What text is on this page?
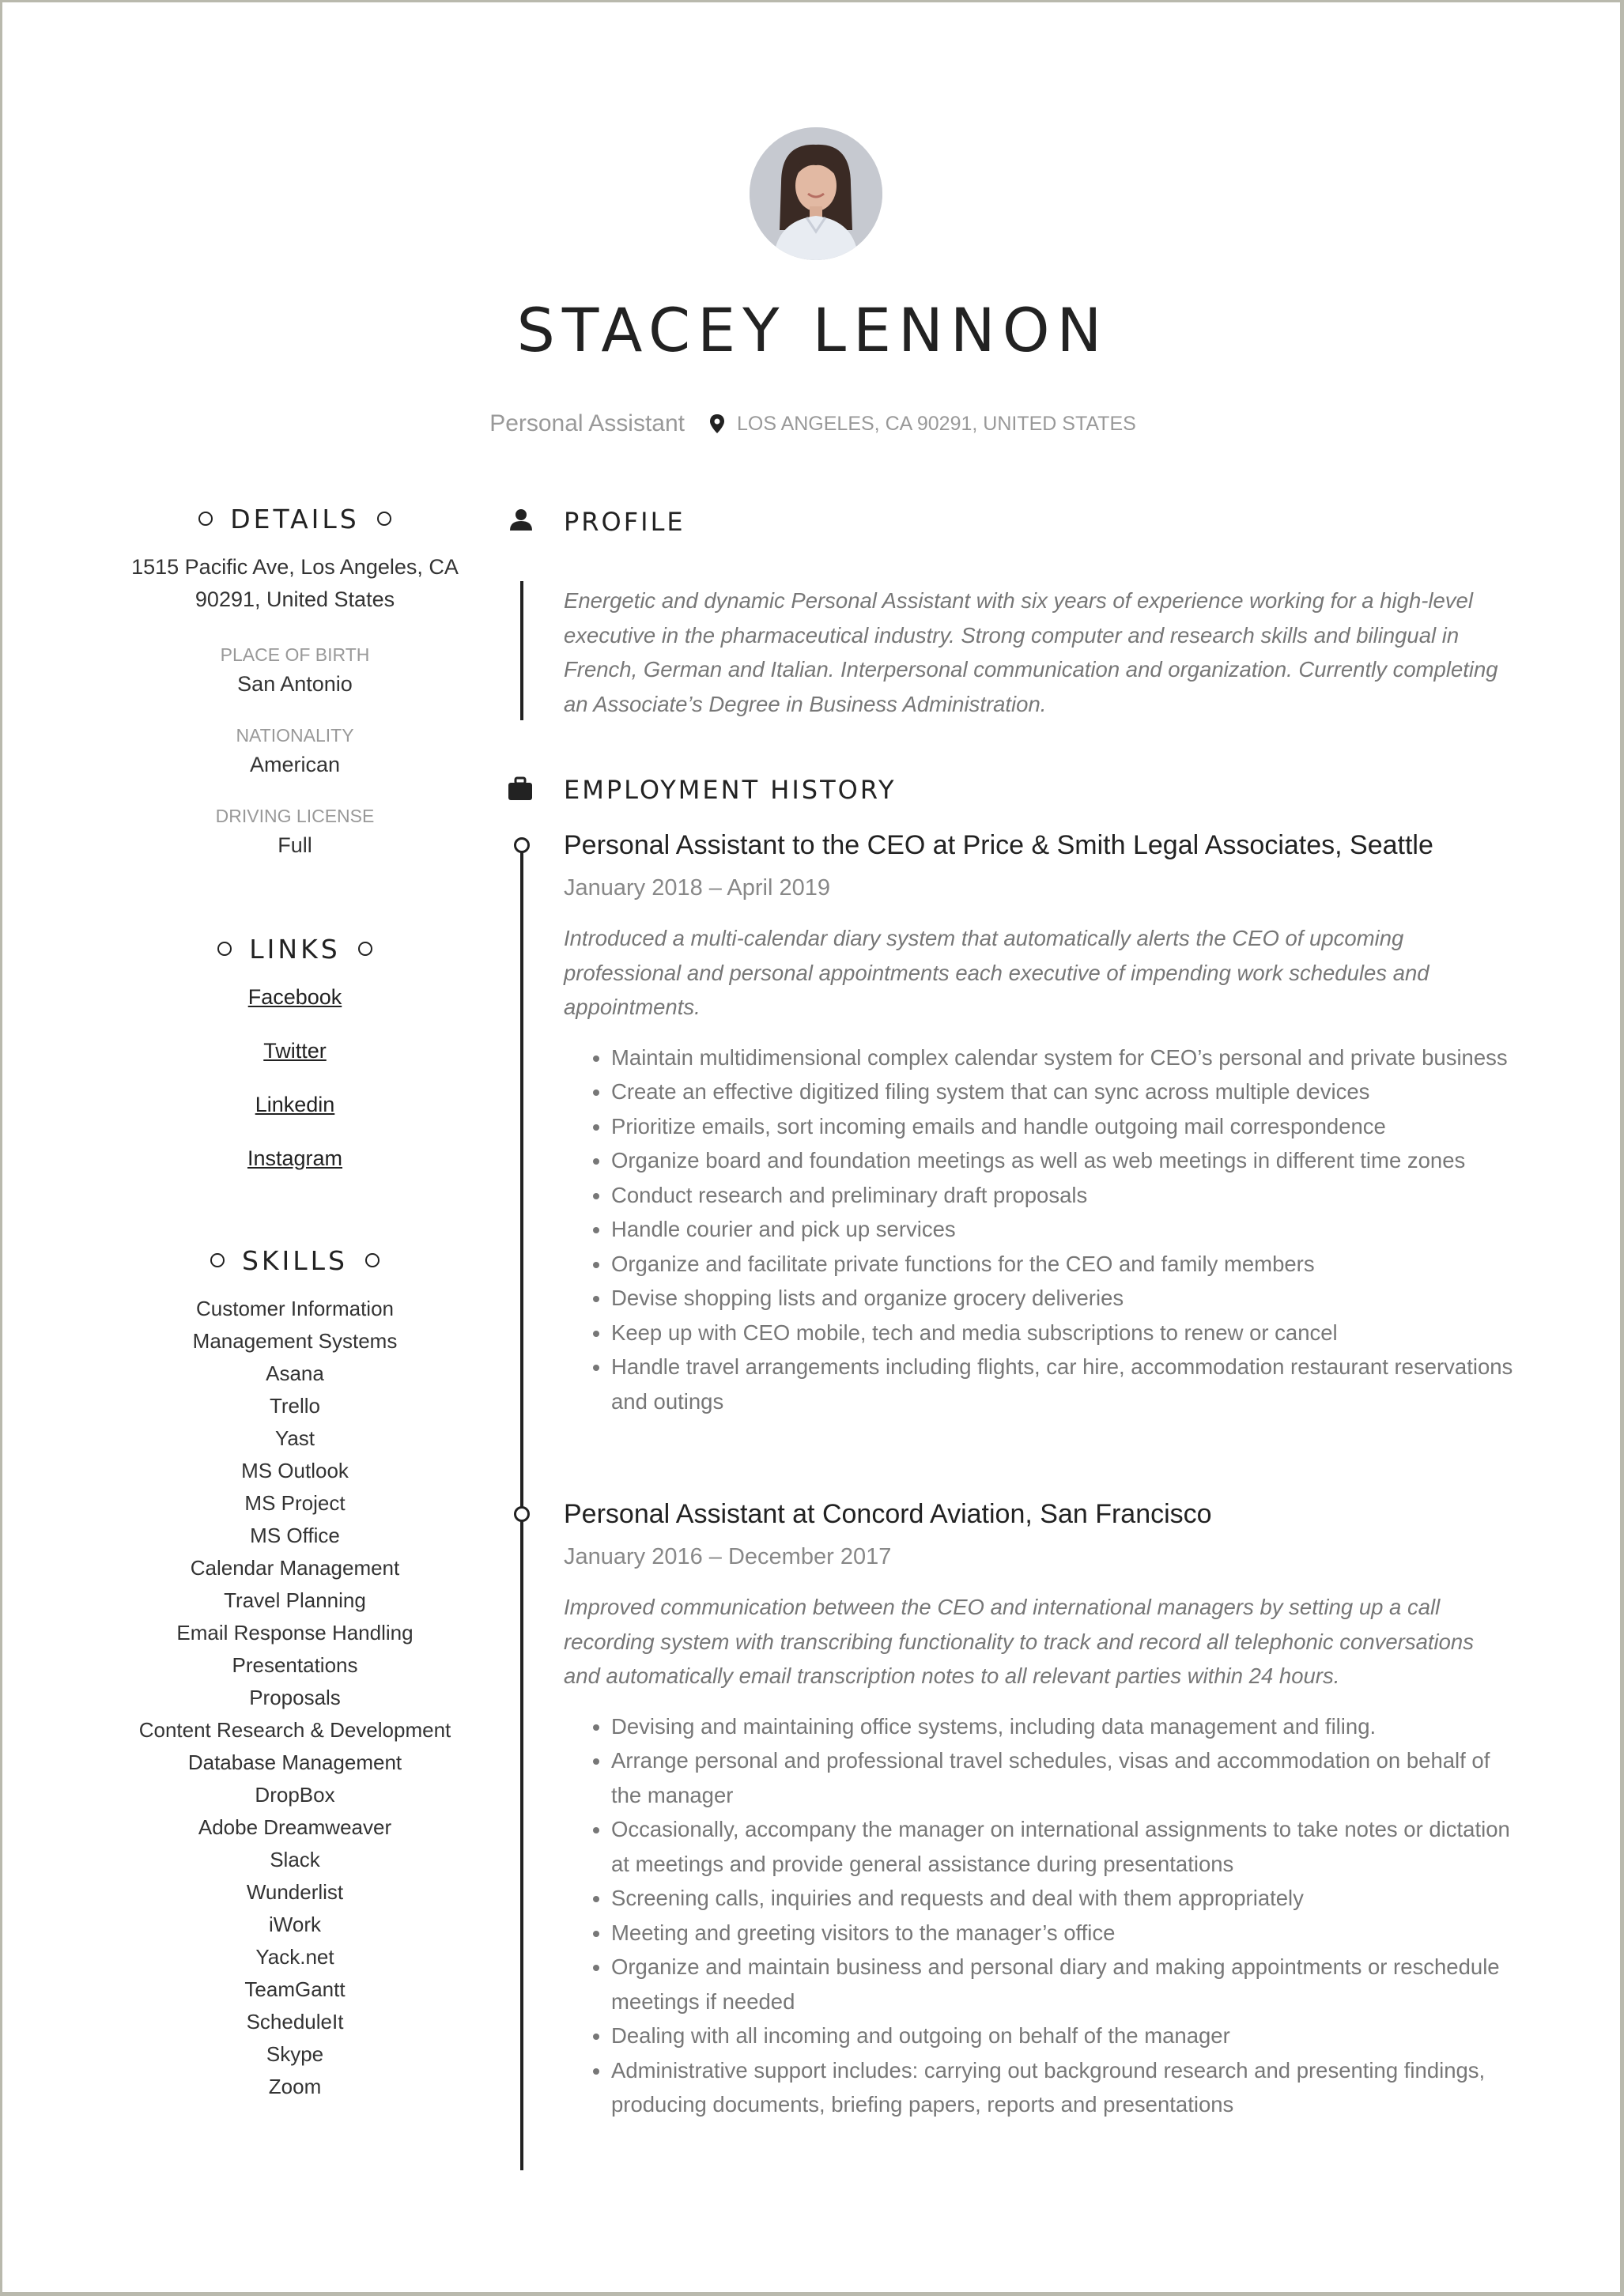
STACEY LENNON
Personal Assistant	LOS ANGELES, CA 90291, UNITED STATES
DETAILS
1515 Pacific Ave, Los Angeles, CA
90291, United States
PLACE OF BIRTH
San Antonio
NATIONALITY
American
DRIVING LICENSE
Full
LINKS
Facebook
Twitter
Linkedin
Instagram
SKILLS
Customer Information
Management Systems
Asana
Trello
Yast
MS Outlook
MS Project
MS Office
Calendar Management
Travel Planning
Email Response Handling
Presentations
Proposals
Content Research & Development
Database Management
DropBox
Adobe Dreamweaver
Slack
Wunderlist
iWork
Yack.net
TeamGantt
ScheduleIt
Skype
Zoom
PROFILE
Energetic and dynamic Personal Assistant with six years of experience working for a high-level executive in the pharmaceutical industry. Strong computer and research skills and bilingual in French, German and Italian. Interpersonal communication and organization. Currently completing an Associate’s Degree in Business Administration.
EMPLOYMENT HISTORY
Personal Assistant to the CEO at Price & Smith Legal Associates, Seattle
January 2018 – April 2019
Introduced a multi-calendar diary system that automatically alerts the CEO of upcoming professional and personal appointments each executive of impending work schedules and appointments.
• Maintain multidimensional complex calendar system for CEO’s personal and private business
• Create an effective digitized filing system that can sync across multiple devices
• Prioritize emails, sort incoming emails and handle outgoing mail correspondence
• Organize board and foundation meetings as well as web meetings in different time zones
• Conduct research and preliminary draft proposals
• Handle courier and pick up services
• Organize and facilitate private functions for the CEO and family members
• Devise shopping lists and organize grocery deliveries
• Keep up with CEO mobile, tech and media subscriptions to renew or cancel
• Handle travel arrangements including flights, car hire, accommodation restaurant reservations and outings
Personal Assistant at Concord Aviation, San Francisco
January 2016 – December 2017
Improved communication between the CEO and international managers by setting up a call recording system with transcribing functionality to track and record all telephonic conversations and automatically email transcription notes to all relevant parties within 24 hours.
• Devising and maintaining office systems, including data management and filing.
• Arrange personal and professional travel schedules, visas and accommodation on behalf of the manager
• Occasionally, accompany the manager on international assignments to take notes or dictation at meetings and provide general assistance during presentations
• Screening calls, inquiries and requests and deal with them appropriately
• Meeting and greeting visitors to the manager’s office
• Organize and maintain business and personal diary and making appointments or reschedule meetings if needed
• Dealing with all incoming and outgoing on behalf of the manager
• Administrative support includes: carrying out background research and presenting findings, producing documents, briefing papers, reports and presentations
